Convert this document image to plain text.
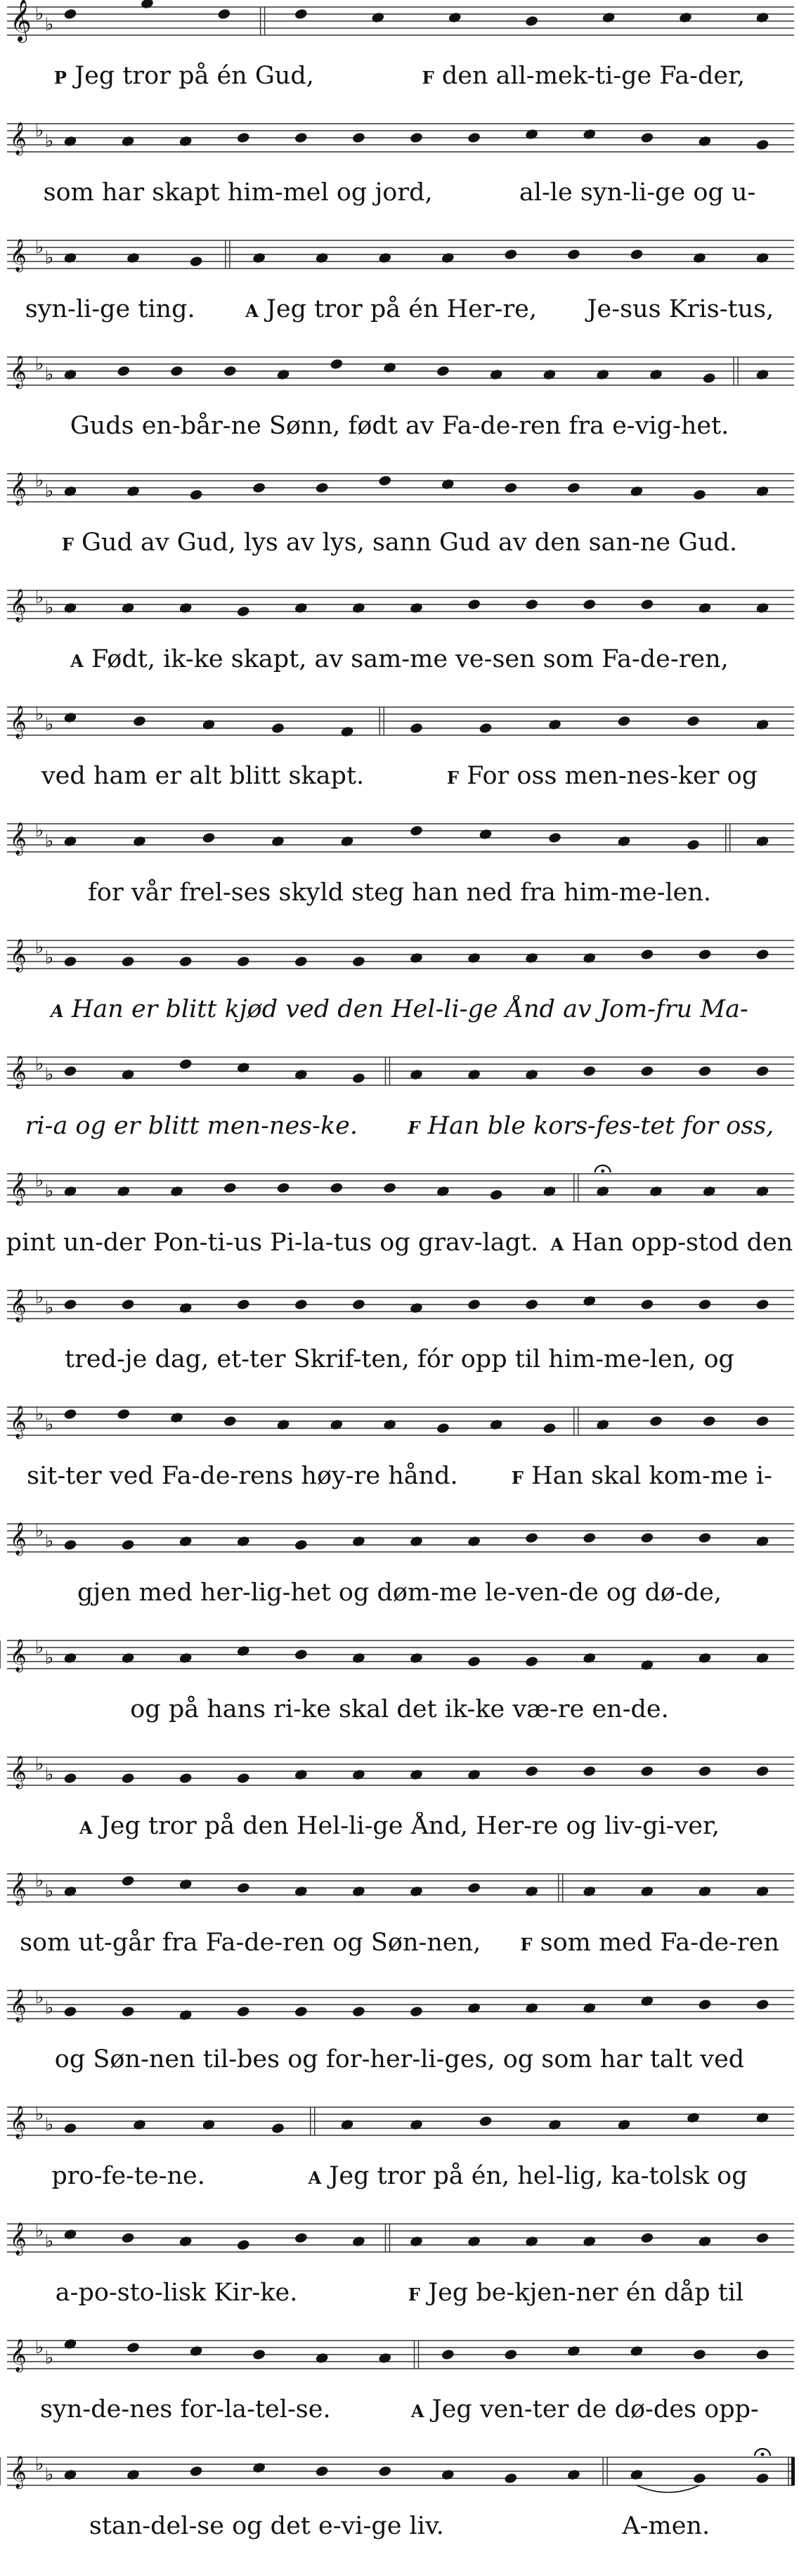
𝄞 ♭ ♭
𝄞 ♭ ♭
𝄞 ♭ ♭
𝄞 ♭ ♭
𝄞 ♭ ♭
𝄞 ♭ ♭
𝄞 ♭ ♭
𝄞 ♭ ♭
𝄞 ♭ ♭
𝄞 ♭ ♭
𝄞 ♭ ♭
𝄞 ♭ ♭
𝄞 ♭ ♭
𝄞 ♭ ♭
𝄞 ♭ ♭
𝄞 ♭ ♭
𝄞 ♭ ♭
𝄞 ♭ ♭
𝄞 ♭ ♭
𝄞 ♭ ♭
𝄞 ♭ ♭
𝄞 ♭ ♭

P Jeg tror på én Gud,	F den all-mek-ti-ge Fa-der,

som har skapt him-mel og jord,	al-le syn-li-ge og u-

syn-li-ge ting.	A Jeg tror på én Her-re, Je-sus Kris-tus,

Guds en-bår-ne Sønn, født av Fa-de-ren fra e-vig-het.

F Gud av Gud, lys av lys, sann Gud av den san-ne Gud.

A Født, ik-ke skapt, av sam-me ve-sen som Fa-de-ren,

ved ham er alt blitt skapt.	F For oss men-nes-ker og

for vår frel-ses skyld steg han ned fra him-me-len.

A Han er blitt kjød ved den Hel-li-ge Ånd av Jom-fru Ma-

ri-a og er blitt men-nes-ke.	F Han ble kors-fes-tet for oss,

pint un-der Pon-ti-us Pi-la-tus og grav-lagt. A Han opp-stod den

tred-je dag, et-ter Skrif-ten, fór opp til him-me-len, og

sit-ter ved Fa-de-rens høy-re hånd.	F Han skal kom-me i-

gjen med her-lig-het og døm-me le-ven-de og dø-de,

og på hans ri-ke skal det ik-ke væ-re en-de.

A Jeg tror på den Hel-li-ge Ånd, Her-re og liv-gi-ver,

som ut-går fra Fa-de-ren og Søn-nen, F som med Fa-de-ren

og Søn-nen til-bes og for-her-li-ges, og som har talt ved

pro-fe-te-ne.	A Jeg tror på én, hel-lig, ka-tolsk og

a-po-sto-lisk Kir-ke.	F Jeg be-kjen-ner én dåp til

syn-de-nes for-la-tel-se.	A Jeg ven-ter de dø-des opp-

stan-del-se og det e-vi-ge liv.	A-men.
